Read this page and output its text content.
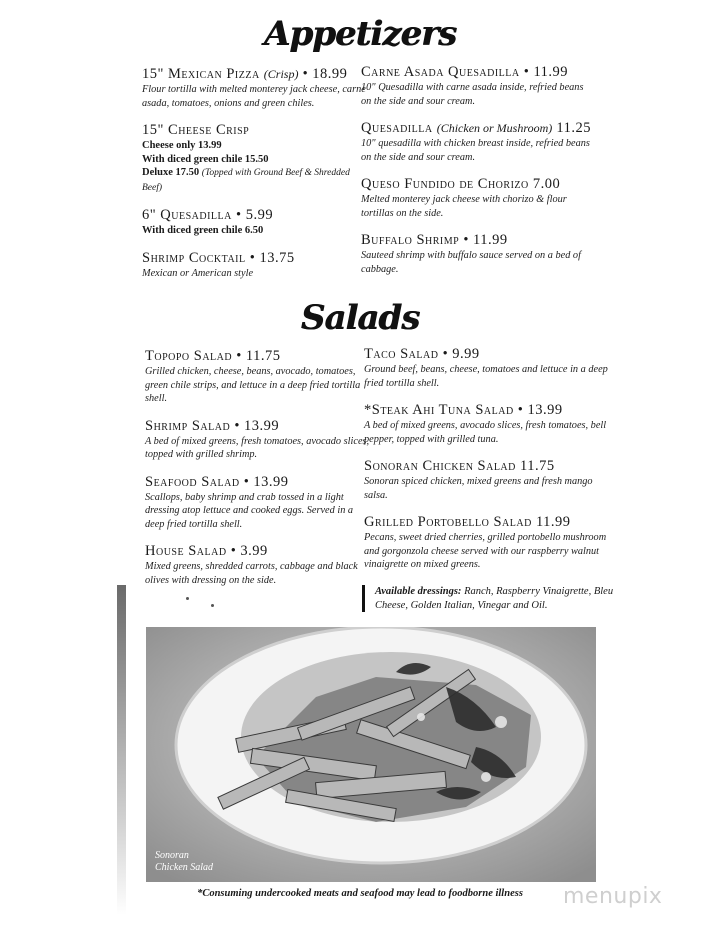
Appetizers
15" Mexican Pizza (Crisp) • 18.99
Flour tortilla with melted monterey jack cheese, carne asada, tomatoes, onions and green chiles.
15" Cheese Crisp
Cheese only 13.99
With diced green chile 15.50
Deluxe 17.50 (Topped with Ground Beef & Shredded Beef)
6" Quesadilla • 5.99
With diced green chile 6.50
Shrimp Cocktail • 13.75
Mexican or American style
Carne Asada Quesadilla • 11.99
10" Quesadilla with carne asada inside, refried beans on the side and sour cream.
Quesadilla (Chicken or Mushroom) 11.25
10" quesadilla with chicken breast inside, refried beans on the side and sour cream.
Queso Fundido de Chorizo 7.00
Melted monterey jack cheese with chorizo & flour tortillas on the side.
Buffalo Shrimp • 11.99
Sauteed shrimp with buffalo sauce served on a bed of cabbage.
Salads
Topopo Salad • 11.75
Grilled chicken, cheese, beans, avocado, tomatoes, green chile strips, and lettuce in a deep fried tortilla shell.
Shrimp Salad • 13.99
A bed of mixed greens, fresh tomatoes, avocado slices, topped with grilled shrimp.
Seafood Salad • 13.99
Scallops, baby shrimp and crab tossed in a light dressing atop lettuce and cooked eggs. Served in a deep fried tortilla shell.
House Salad • 3.99
Mixed greens, shredded carrots, cabbage and black olives with dressing on the side.
Taco Salad • 9.99
Ground beef, beans, cheese, tomatoes and lettuce in a deep fried tortilla shell.
*Steak Ahi Tuna Salad • 13.99
A bed of mixed greens, avocado slices, fresh tomatoes, bell pepper, topped with grilled tuna.
Sonoran Chicken Salad 11.75
Sonoran spiced chicken, mixed greens and fresh mango salsa.
Grilled Portobello Salad 11.99
Pecans, sweet dried cherries, grilled portobello mushroom and gorgonzola cheese served with our raspberry walnut vinaigrette on mixed greens.
Available dressings: Ranch, Raspberry Vinaigrette, Bleu Cheese, Golden Italian, Vinegar and Oil.
Sonoran
Chicken Salad
*Consuming undercooked meats and seafood may lead to foodborne illness	menupix
